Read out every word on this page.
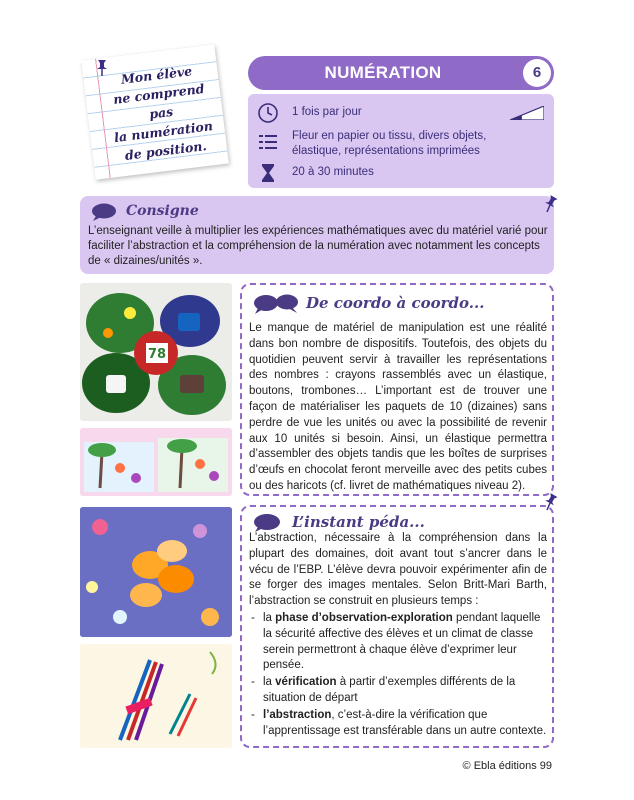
Mon élève

ne comprend pas

la numération

de position.

NUMÉRATION	6
1 fois par jour
Fleur en papier ou tissu, divers objets,
élastique, représentations imprimées
20 à 30 minutes
Consigne
L’enseignant veille à multiplier les expériences mathématiques avec du matériel varié pour faciliter l’abstraction et la compréhension de la numération avec notamment les concepts de « dizaines/unités ».
78
De coordo à coordo...
Le manque de matériel de manipulation est une réalité dans bon nombre de dispositifs. Toutefois, des objets du quotidien peuvent servir à travailler les représentations des nombres : crayons rassemblés avec un élastique, boutons, trombones… L’important est de trouver une façon de matérialiser les paquets de 10 (dizaines) sans perdre de vue les unités ou avec la possibilité de revenir aux 10 unités si besoin. Ainsi, un élastique permettra d’assembler des objets tandis que les boîtes de surprises d’œufs en chocolat feront merveille avec des petits cubes ou des haricots (cf. livret de mathématiques niveau 2).
L’instant péda...

L’abstraction, nécessaire à la compréhension dans la plupart des domaines, doit avant tout s’ancrer dans le vécu de l’EBP. L’élève devra pouvoir expérimenter afin de se forger des images mentales. Selon Britt-Mari Barth, l’abstraction se construit en plusieurs temps :

- la phase d’observation-exploration pendant laquelle la sécurité affective des élèves et un climat de classe serein permettront à chaque élève d’exprimer leur pensée.
- la vérification à partir d’exemples différents de la situation de départ
- l’abstraction, c’est-à-dire la vérification que l’apprentissage est transférable dans un autre contexte.
© Ebla éditions 99
